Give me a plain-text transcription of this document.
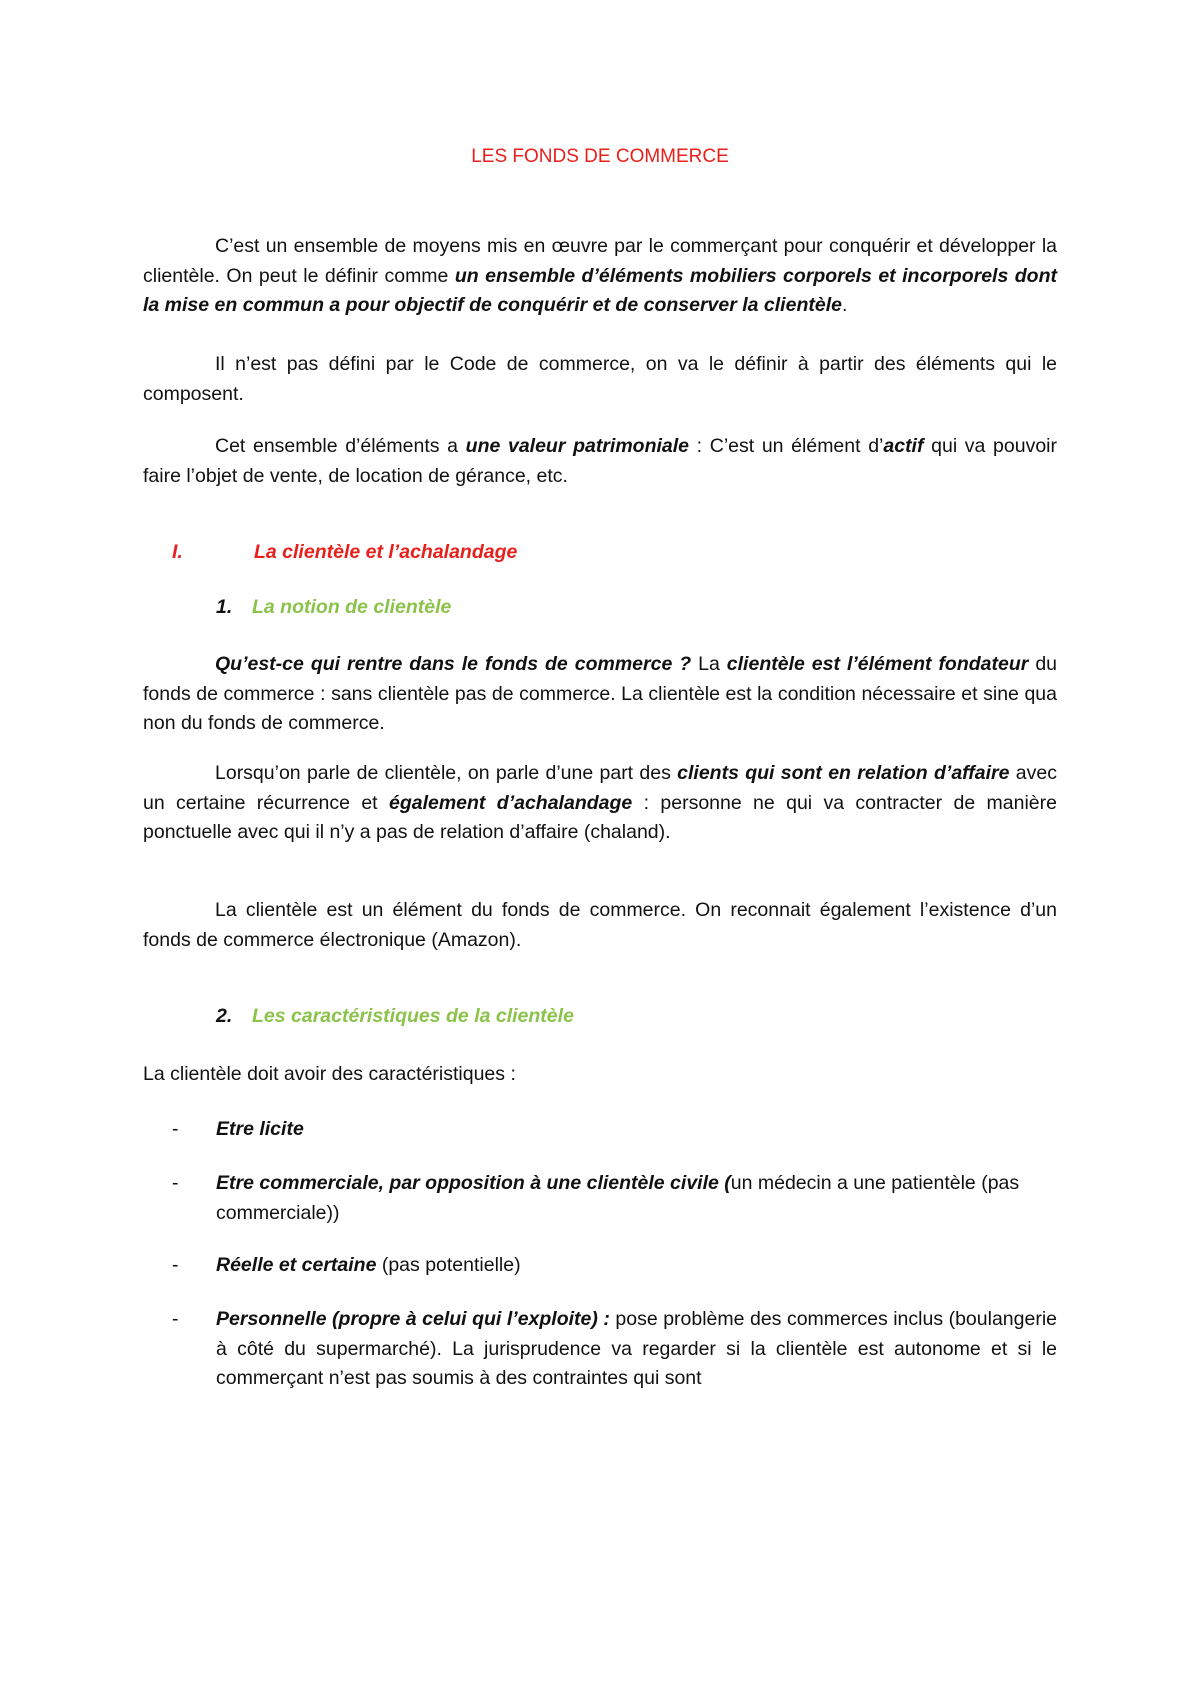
LES FONDS DE COMMERCE
C’est un ensemble de moyens mis en œuvre par le commerçant pour conquérir et développer la clientèle. On peut le définir comme un ensemble d’éléments mobiliers corporels et incorporels dont la mise en commun a pour objectif de conquérir et de conserver la clientèle.
Il n’est pas défini par le Code de commerce, on va le définir à partir des éléments qui le composent.
Cet ensemble d’éléments a une valeur patrimoniale : C’est un élément d’actif qui va pouvoir faire l’objet de vente, de location de gérance, etc.
I.	La clientèle et l’achalandage
1. La notion de clientèle
Qu’est-ce qui rentre dans le fonds de commerce ? La clientèle est l’élément fondateur du fonds de commerce : sans clientèle pas de commerce. La clientèle est la condition nécessaire et sine qua non du fonds de commerce.
Lorsqu’on parle de clientèle, on parle d’une part des clients qui sont en relation d’affaire avec un certaine récurrence et également d’achalandage : personne ne qui va contracter de manière ponctuelle avec qui il n’y a pas de relation d’affaire (chaland).
La clientèle est un élément du fonds de commerce. On reconnait également l’existence d’un fonds de commerce électronique (Amazon).
2. Les caractéristiques de la clientèle
La clientèle doit avoir des caractéristiques :
- Etre licite
- Etre commerciale, par opposition à une clientèle civile (un médecin a une patientèle (pas commerciale))
- Réelle et certaine (pas potentielle)
- Personnelle (propre à celui qui l’exploite) : pose problème des commerces inclus (boulangerie à côté du supermarché). La jurisprudence va regarder si la clientèle est autonome et si le commerçant n’est pas soumis à des contraintes qui sont
